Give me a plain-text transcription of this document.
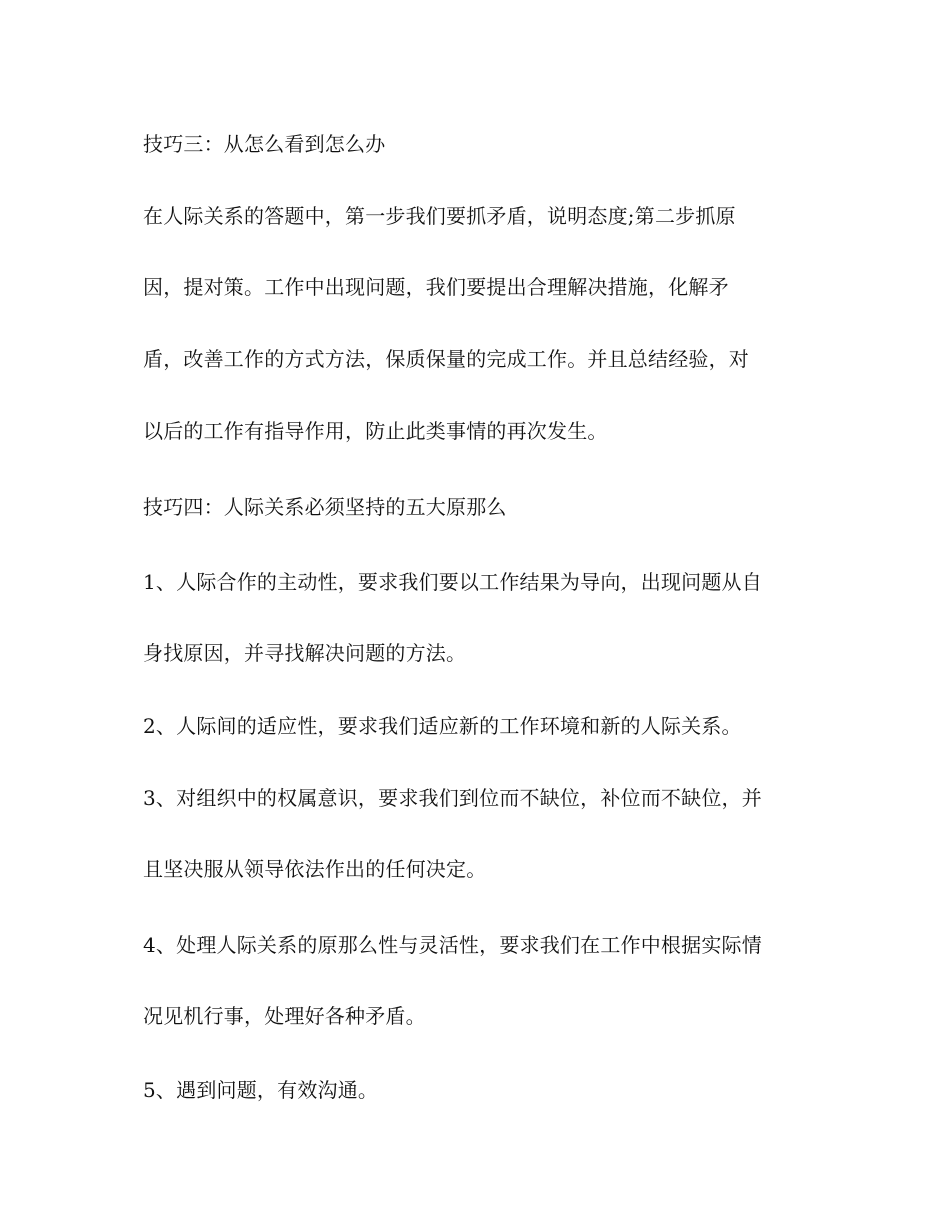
技巧三：从怎么看到怎么办
在人际关系的答题中，第一步我们要抓矛盾，说明态度;第二步抓原
因，提对策。工作中出现问题，我们要提出合理解决措施，化解矛
盾，改善工作的方式方法，保质保量的完成工作。并且总结经验，对
以后的工作有指导作用，防止此类事情的再次发生。
技巧四：人际关系必须坚持的五大原那么
1、人际合作的主动性，要求我们要以工作结果为导向，出现问题从自
身找原因，并寻找解决问题的方法。
2、人际间的适应性，要求我们适应新的工作环境和新的人际关系。
3、对组织中的权属意识，要求我们到位而不缺位，补位而不缺位，并
且坚决服从领导依法作出的任何决定。
4、处理人际关系的原那么性与灵活性，要求我们在工作中根据实际情
况见机行事，处理好各种矛盾。
5、遇到问题，有效沟通。
